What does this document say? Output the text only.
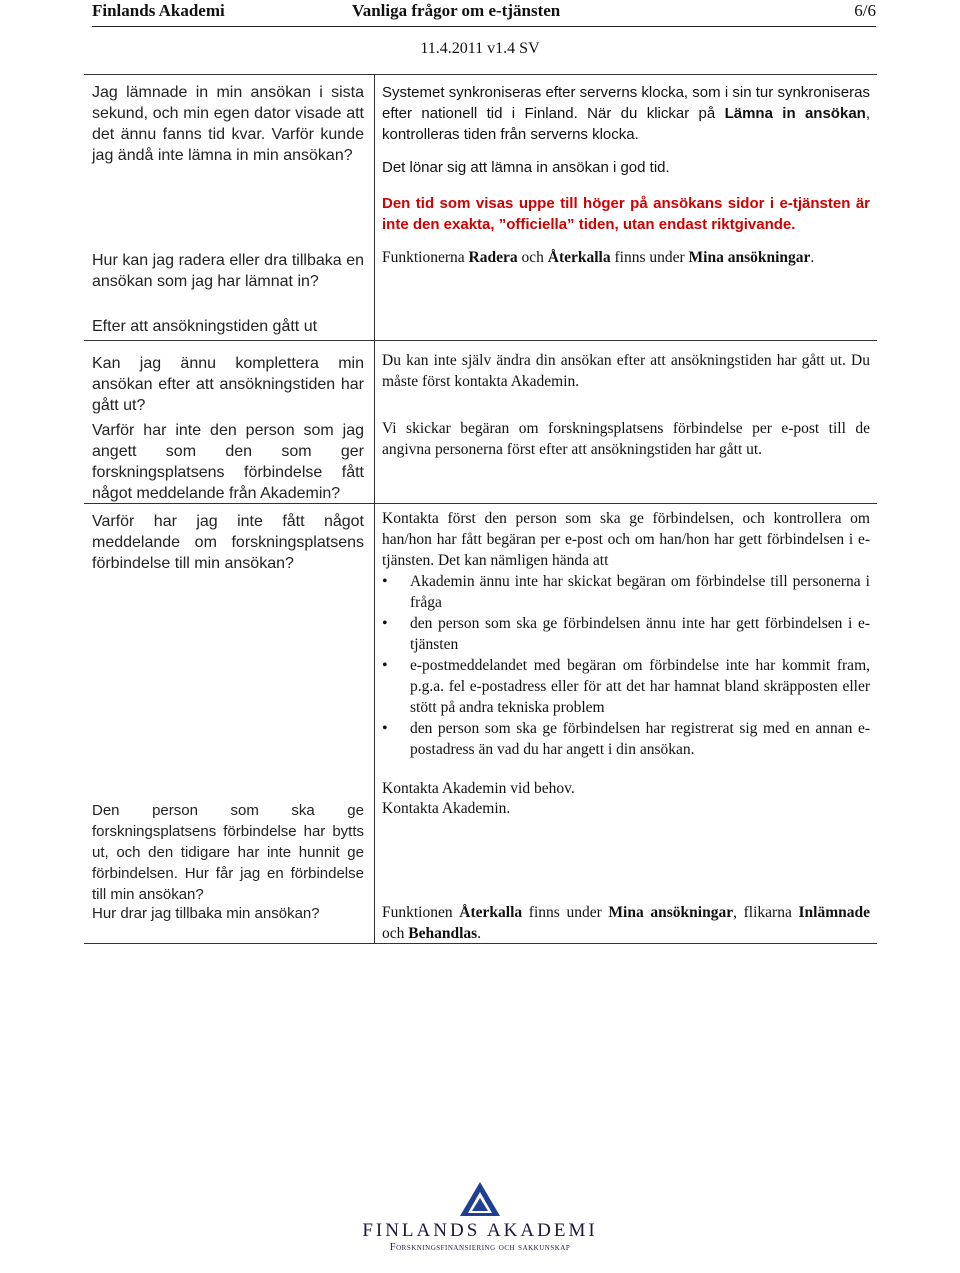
Finlands Akademi	Vanliga frågor om e-tjänsten	6/6
11.4.2011 v1.4 SV

Jag lämnade in min ansökan i sista sekund, och min egen dator visade att det ännu fanns tid kvar. Varför kunde jag ändå inte lämna in min ansökan?

Hur kan jag radera eller dra tillbaka en ansökan som jag har lämnat in?

Efter att ansökningstiden gått ut

Kan jag ännu komplettera min ansökan efter att ansökningstiden har gått ut?

Varför har inte den person som jag angett som den som ger forskningsplatsens förbindelse fått något meddelande från Akademin?

Varför har jag inte fått något meddelande om forskningsplatsens förbindelse till min ansökan?

Den person som ska ge forskningsplatsens förbindelse har bytts ut, och den tidigare har inte hunnit ge förbindelsen. Hur får jag en förbindelse till min ansökan?

Hur drar jag tillbaka min ansökan?

Systemet synkroniseras efter serverns klocka, som i sin tur synkroniseras efter nationell tid i Finland. När du klickar på Lämna in ansökan, kontrolleras tiden från serverns klocka.

Det lönar sig att lämna in ansökan i god tid.

Den tid som visas uppe till höger på ansökans sidor i e-tjänsten är inte den exakta, ”officiella” tiden, utan endast riktgivande.

Funktionerna Radera och Återkalla finns under Mina ansökningar.

Du kan inte själv ändra din ansökan efter att ansökningstiden har gått ut. Du måste först kontakta Akademin.

Vi skickar begäran om forskningsplatsens förbindelse per e-post till de angivna personerna först efter att ansökningstiden har gått ut.

Kontakta först den person som ska ge förbindelsen, och kontrollera om han/hon har fått begäran per e-post och om han/hon har gett förbindelsen i e-tjänsten. Det kan nämligen hända att

• Akademin ännu inte har skickat begäran om förbindelse till personerna i fråga
• den person som ska ge förbindelsen ännu inte har gett förbindelsen i e-tjänsten
• e-postmeddelandet med begäran om förbindelse inte har kommit fram, p.g.a. fel e-postadress eller för att det har hamnat bland skräpposten eller stött på andra tekniska problem
• den person som ska ge förbindelsen har registrerat sig med en annan e-postadress än vad du har angett i din ansökan.

Kontakta Akademin vid behov.

Kontakta Akademin.

Funktionen Återkalla finns under Mina ansökningar, flikarna Inlämnade och Behandlas.

FINLANDS AKADEMI
Forskningsfinansiering och sakkunskap
